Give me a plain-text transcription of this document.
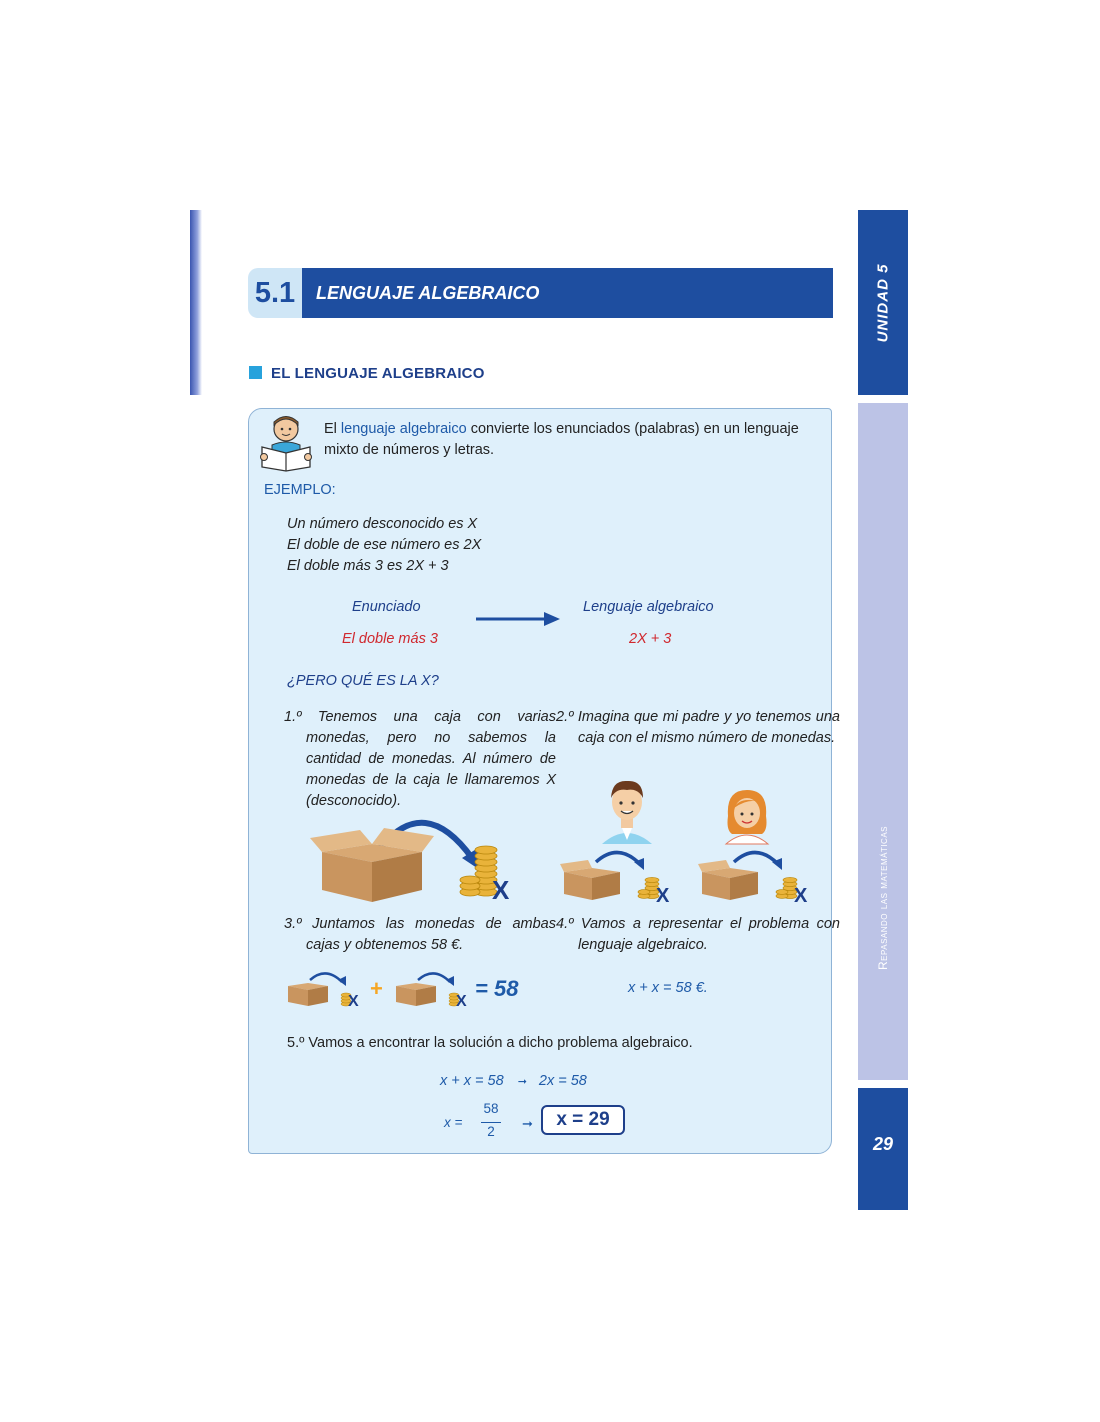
UNIDAD 5
Repasando las matemáticas
29
5.1	LENGUAJE ALGEBRAICO
EL LENGUAJE ALGEBRAICO
El lenguaje algebraico convierte los enunciados (palabras) en un lenguaje mixto de números y letras.
EJEMPLO:
Un número desconocido es X
El doble de ese número es 2X
El doble más 3 es 2X + 3
Enunciado	Lenguaje algebraico
El doble más 3	2X + 3
¿PERO QUÉ ES LA X?
1.º Tenemos una caja con varias monedas, pero no sabemos la cantidad de monedas. Al número de monedas de la caja le llamaremos X (desconocido).
2.º Imagina que mi padre y yo tenemos una caja con el mismo número de monedas.
X	X	X
3.º Juntamos las monedas de ambas cajas y obtenemos 58 €.
4.º Vamos a representar el problema con lenguaje algebraico.
X
+
X
= 58	x + x = 58 €.
5.º Vamos a encontrar la solución a dicho problema algebraico.
x + x = 58 ➞ 2x = 58
x =
58
2
➞	x = 29
